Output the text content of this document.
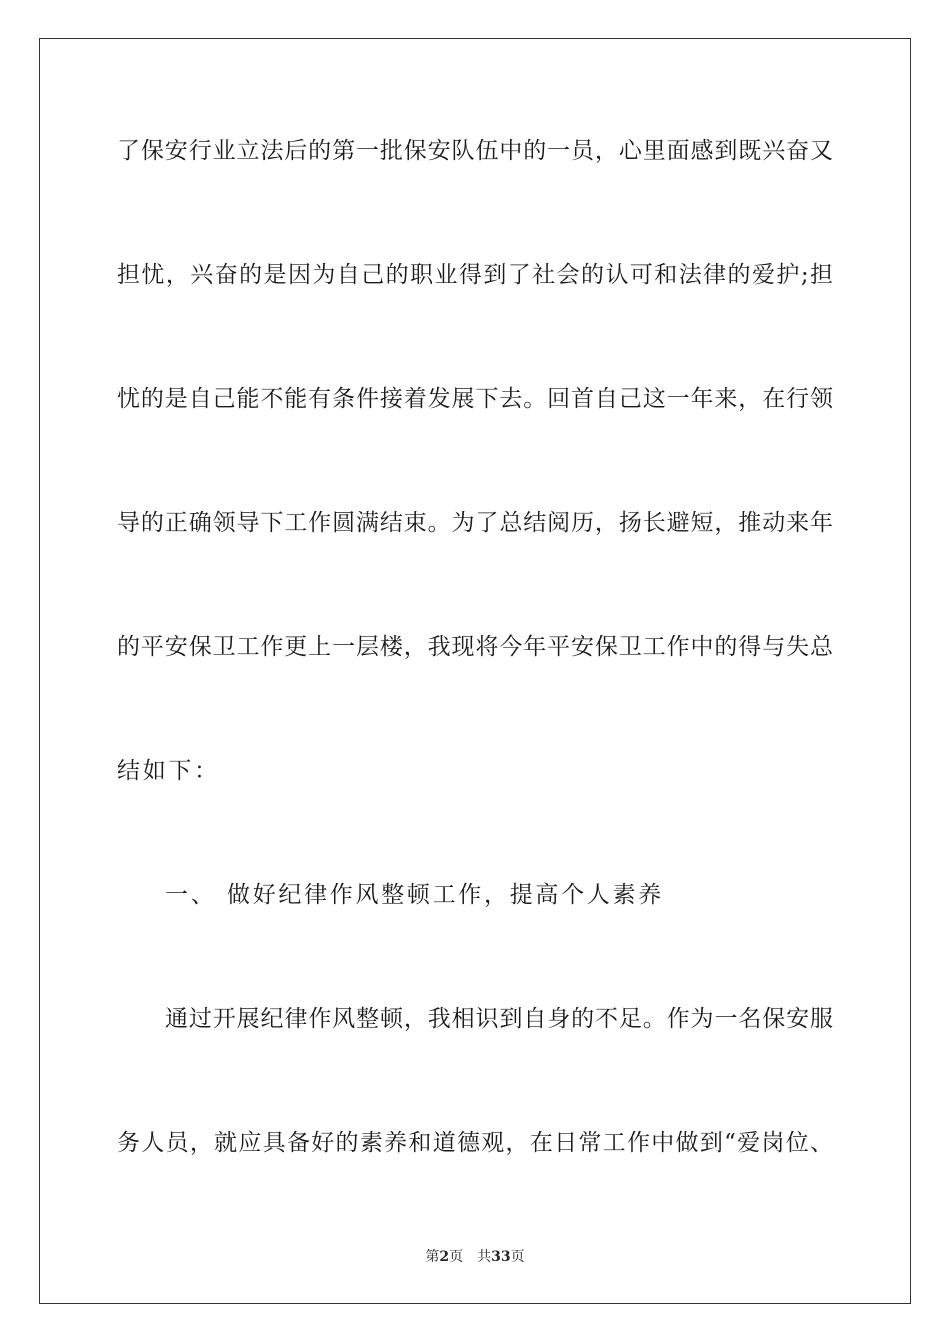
了保安行业立法后的第一批保安队伍中的一员，心里面感到既兴奋又
担忧，兴奋的是因为自己的职业得到了社会的认可和法律的爱护;担
忧的是自己能不能有条件接着发展下去。回首自己这一年来，在行领
导的正确领导下工作圆满结束。为了总结阅历，扬长避短，推动来年
的平安保卫工作更上一层楼，我现将今年平安保卫工作中的得与失总
结如下：
一、 做好纪律作风整顿工作，提高个人素养
通过开展纪律作风整顿，我相识到自身的不足。作为一名保安服
务人员，就应具备好的素养和道德观，在日常工作中做到“爱岗位、
第2页 共33页
